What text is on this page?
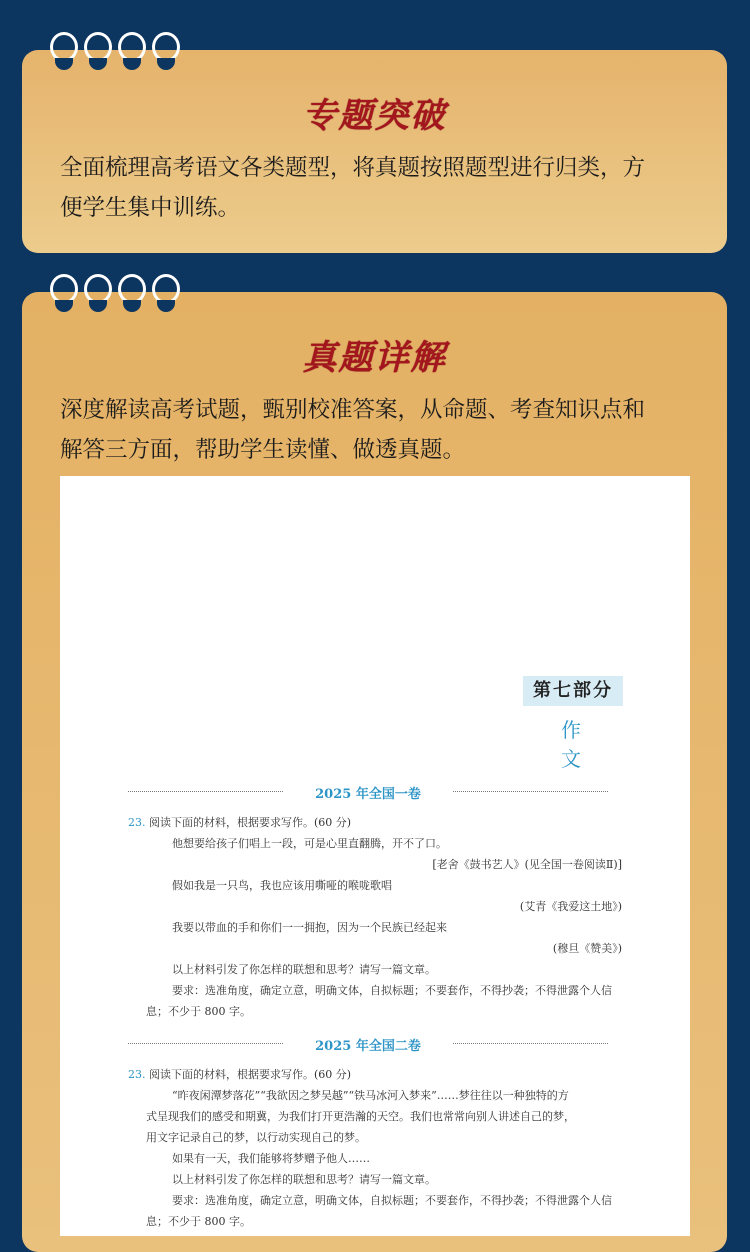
专题突破
全面梳理高考语文各类题型，将真题按照题型进行归类，方
便学生集中训练。
真题详解
深度解读高考试题，甄别校准答案，从命题、考查知识点和
解答三方面，帮助学生读懂、做透真题。
第七部分
作 文
2025 年全国一卷
23. 阅读下面的材料，根据要求写作。(60 分)
他想要给孩子们唱上一段，可是心里直翻腾，开不了口。
[老舍《鼓书艺人》(见全国一卷阅读Ⅱ)]
假如我是一只鸟，我也应该用嘶哑的喉咙歌唱
(艾青《我爱这土地》)
我要以带血的手和你们一一拥抱，因为一个民族已经起来
(穆旦《赞美》)
以上材料引发了你怎样的联想和思考？请写一篇文章。
要求：选准角度，确定立意，明确文体，自拟标题；不要套作，不得抄袭；不得泄露个人信
息；不少于 800 字。
2025 年全国二卷
23. 阅读下面的材料，根据要求写作。(60 分)
“昨夜闲潭梦落花”“我欲因之梦吴越”“铁马冰河入梦来”……梦往往以一种独特的方
式呈现我们的感受和期冀，为我们打开更浩瀚的天空。我们也常常向别人讲述自己的梦，
用文字记录自己的梦，以行动实现自己的梦。
如果有一天，我们能够将梦赠予他人……
以上材料引发了你怎样的联想和思考？请写一篇文章。
要求：选准角度，确定立意，明确文体，自拟标题；不要套作，不得抄袭；不得泄露个人信
息；不少于 800 字。
